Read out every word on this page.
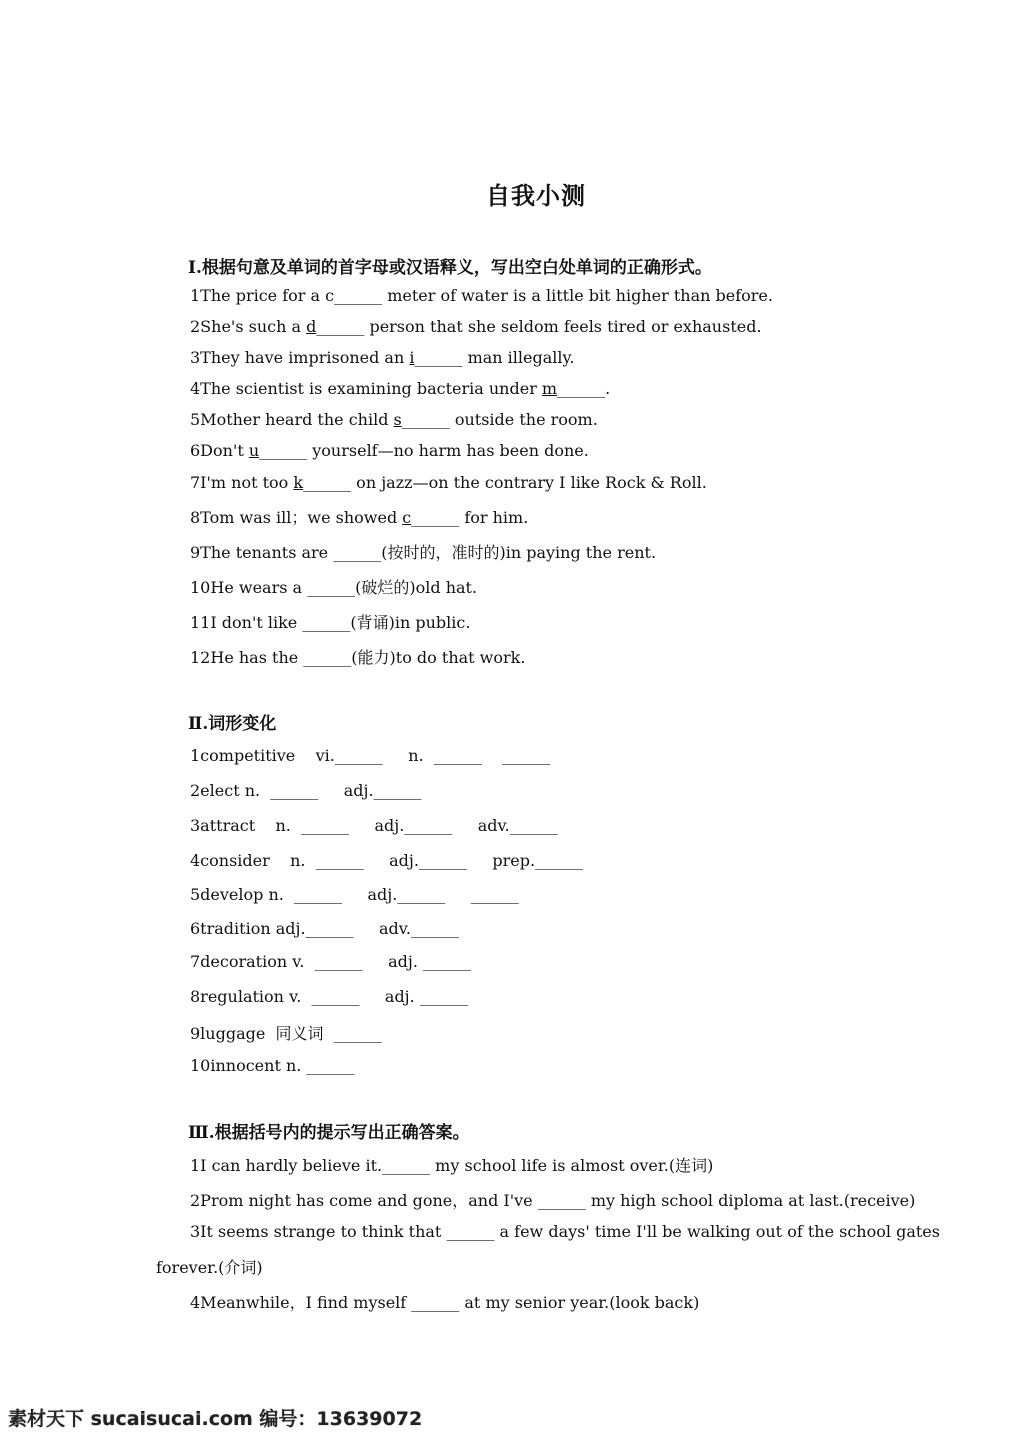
自我小测
Ⅰ.根据句意及单词的首字母或汉语释义，写出空白处单词的正确形式。
1The price for a c______ meter of water is a little bit higher than before.
2She's such a d______ person that she seldom feels tired or exhausted.
3They have imprisoned an i______ man illegally.
4The scientist is examining bacteria under m______.
5Mother heard the child s______ outside the room.
6Don't u______ yourself—no harm has been done.
7I'm not too k______ on jazz—on the contrary I like Rock & Roll.
8Tom was ill；we showed c______ for him.
9The tenants are ______(按时的，准时的)in paying the rent.
10He wears a ______(破烂的)old hat.
11I don't like ______(背诵)in public.
12He has the ______(能力)to do that work.
Ⅱ.词形变化
1competitive    vi.______     n.  ______    ______
2elect n.  ______     adj.______
3attract    n.  ______     adj.______     adv.______
4consider    n.  ______     adj.______     prep.______
5develop n.  ______     adj.______     ______
6tradition adj.______     adv.______
7decoration v.  ______     adj. ______
8regulation v.  ______     adj. ______
9luggage  同义词  ______
10innocent n. ______
Ⅲ.根据括号内的提示写出正确答案。
1I can hardly believe it.______ my school life is almost over.(连词)
2Prom night has come and gone，and I've ______ my high school diploma at last.(receive)
3It seems strange to think that ______ a few days' time I'll be walking out of the school gates
forever.(介词)
4Meanwhile，I find myself ______ at my senior year.(look back)
素材天下 sucaisucai.com 编号：13639072
